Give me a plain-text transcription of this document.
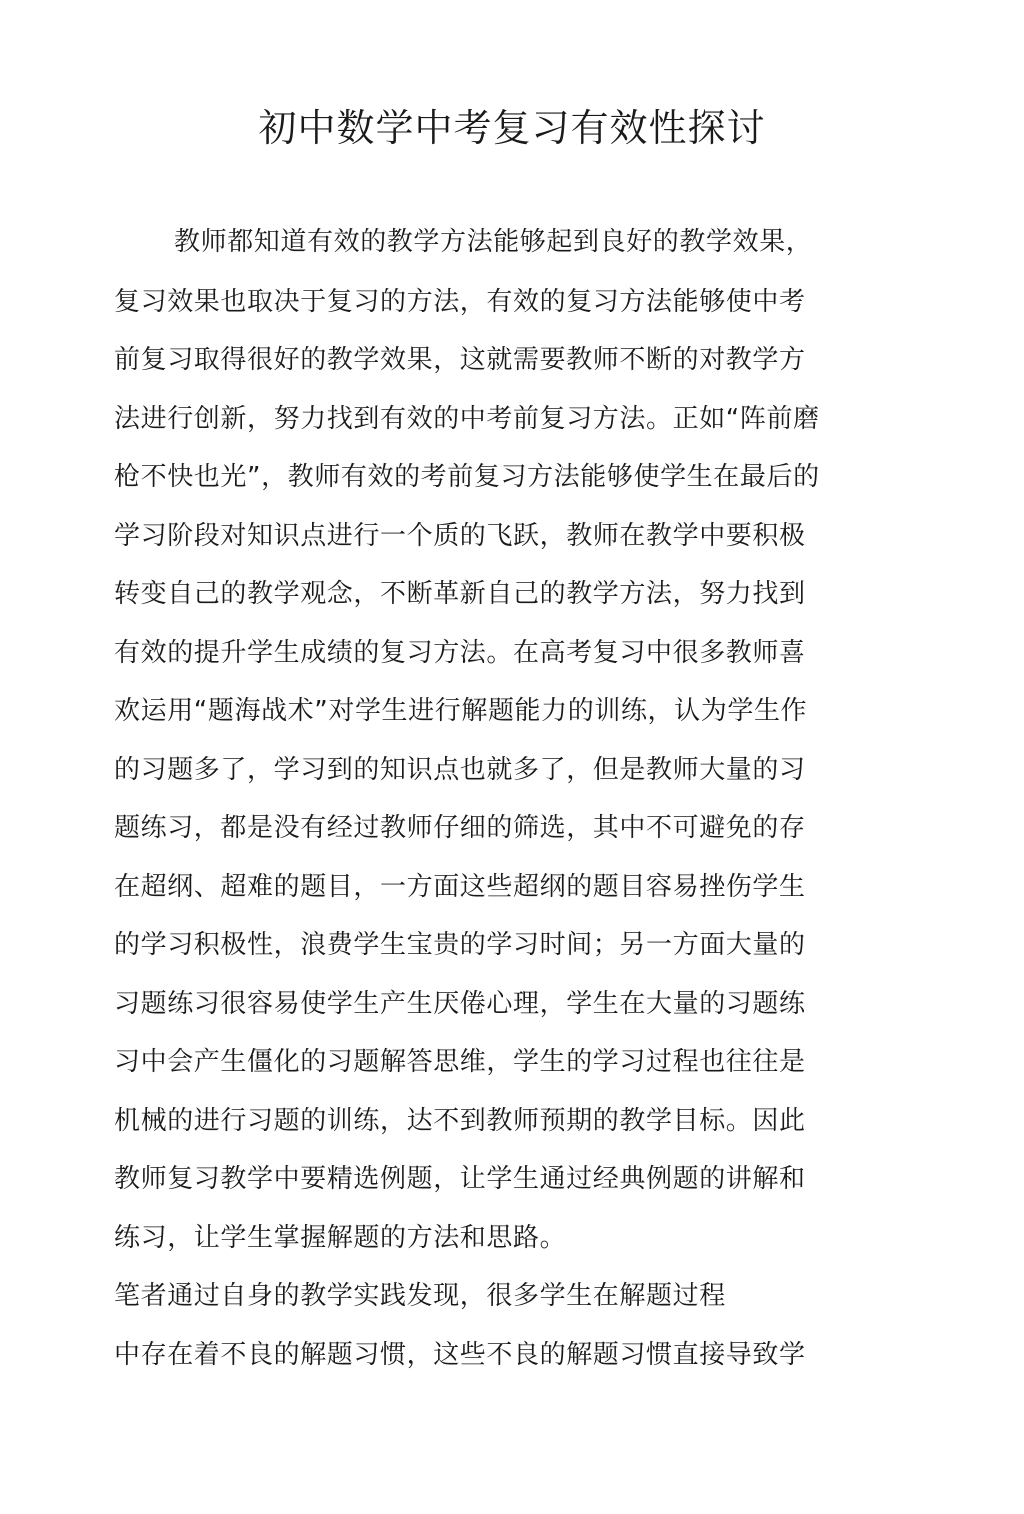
初中数学中考复习有效性探讨
教师都知道有效的教学方法能够起到良好的教学效果，
复习效果也取决于复习的方法，有效的复习方法能够使中考
前复习取得很好的教学效果，这就需要教师不断的对教学方
法进行创新，努力找到有效的中考前复习方法。正如“阵前磨
枪不快也光”，教师有效的考前复习方法能够使学生在最后的
学习阶段对知识点进行一个质的飞跃，教师在教学中要积极
转变自己的教学观念，不断革新自己的教学方法，努力找到
有效的提升学生成绩的复习方法。在高考复习中很多教师喜
欢运用“题海战术”对学生进行解题能力的训练，认为学生作
的习题多了，学习到的知识点也就多了，但是教师大量的习
题练习，都是没有经过教师仔细的筛选，其中不可避免的存
在超纲、超难的题目，一方面这些超纲的题目容易挫伤学生
的学习积极性，浪费学生宝贵的学习时间；另一方面大量的
习题练习很容易使学生产生厌倦心理，学生在大量的习题练
习中会产生僵化的习题解答思维，学生的学习过程也往往是
机械的进行习题的训练，达不到教师预期的教学目标。因此
教师复习教学中要精选例题，让学生通过经典例题的讲解和
练习，让学生掌握解题的方法和思路。
笔者通过自身的教学实践发现，很多学生在解题过程
中存在着不良的解题习惯，这些不良的解题习惯直接导致学
